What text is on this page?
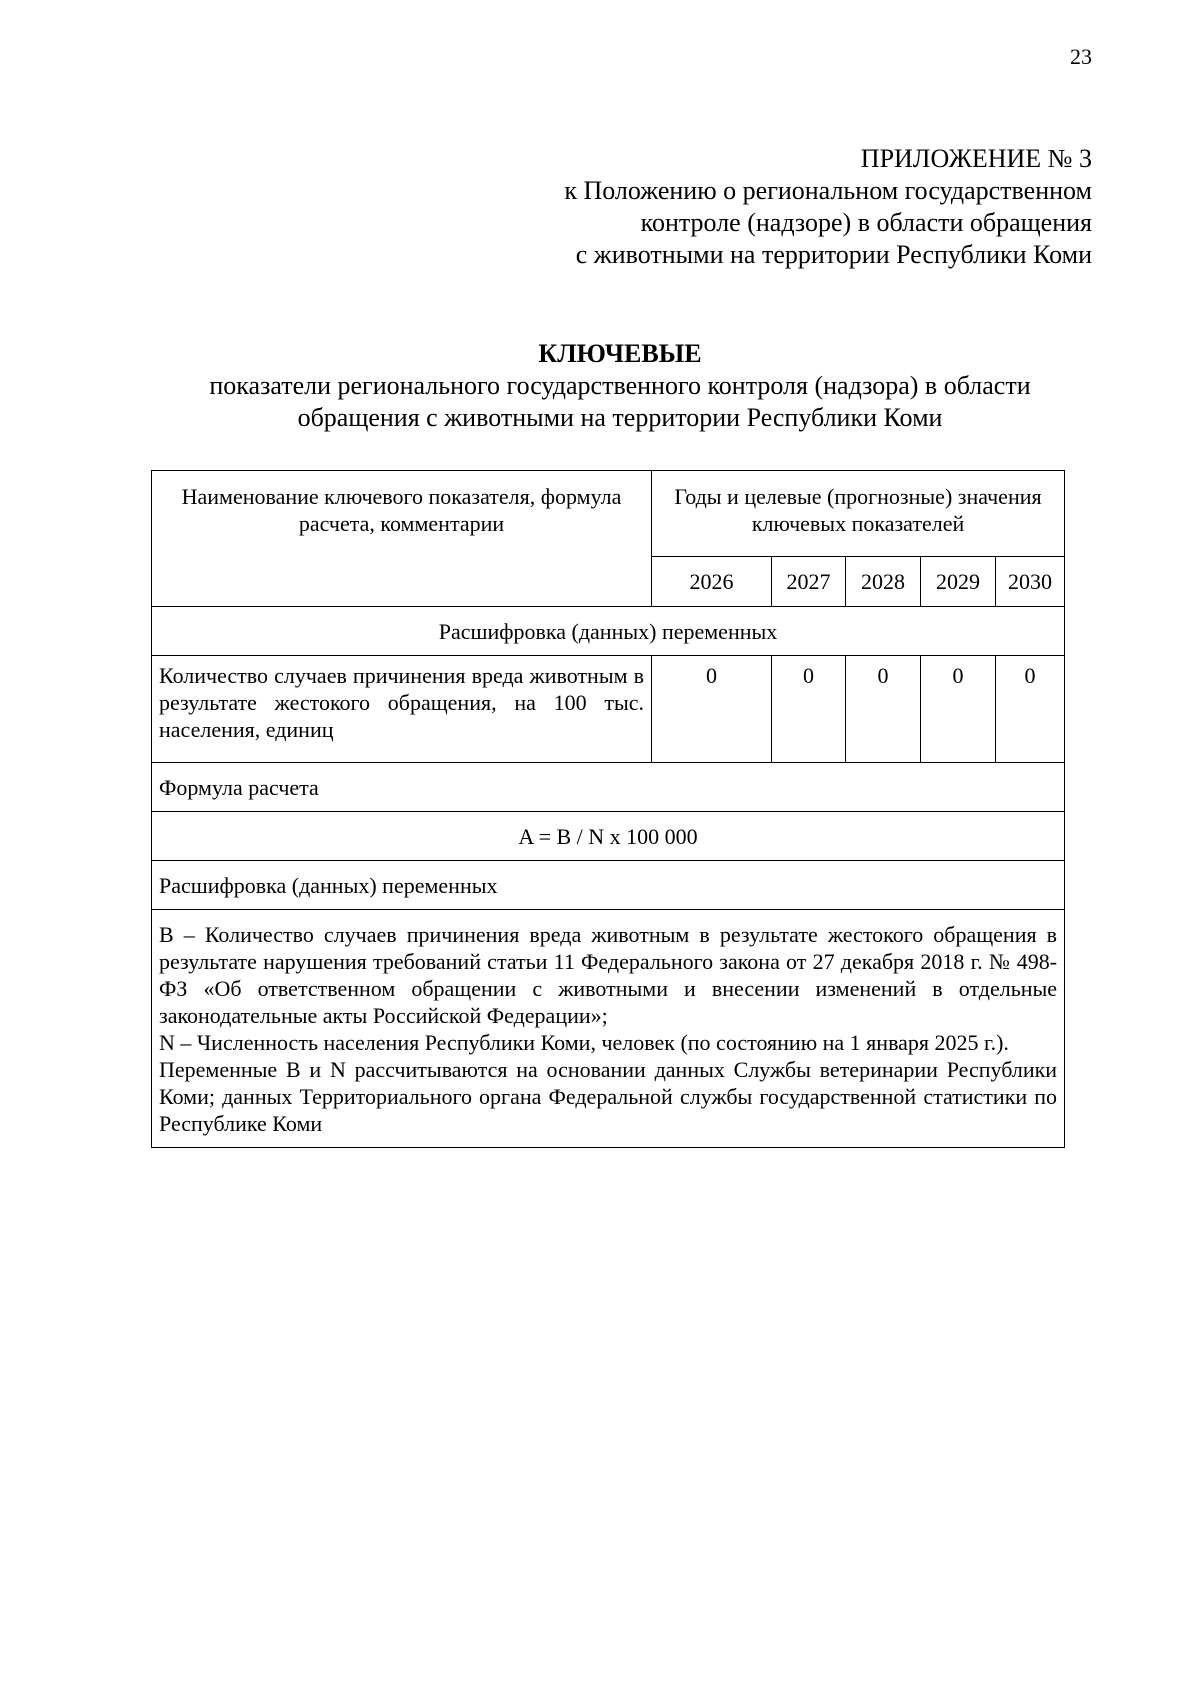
23
ПРИЛОЖЕНИЕ № 3
к Положению о региональном государственном
контроле (надзоре) в области обращения
с животными на территории Республики Коми
КЛЮЧЕВЫЕ
показатели регионального государственного контроля (надзора) в области
обращения с животными на территории Республики Коми
Наименование ключевого показателя, формула расчета, комментарии	Годы и целевые (прогнозные) значения ключевых показателей				
	2026	2027	2028	2029	2030
Расшифровка (данных) переменных					
Количество случаев причинения вреда животным в результате жестокого обращения, на 100 тыс. населения, единиц	0	0	0	0	0
Формула расчета					
A = B / N x 100 000					
Расшифровка (данных) переменных					

B – Количество случаев причинения вреда животным в результате жестокого обращения в результате нарушения требований статьи 11 Федерального закона от 27 декабря 2018 г. № 498-ФЗ «Об ответственном обращении с животными и внесении изменений в отдельные законодательные акты Российской Федерации»;

N – Численность населения Республики Коми, человек (по состоянию на 1 января 2025 г.).

Переменные B и N рассчитываются на основании данных Службы ветеринарии Республики Коми; данных Территориального органа Федеральной службы государственной статистики по Республике Коми					
